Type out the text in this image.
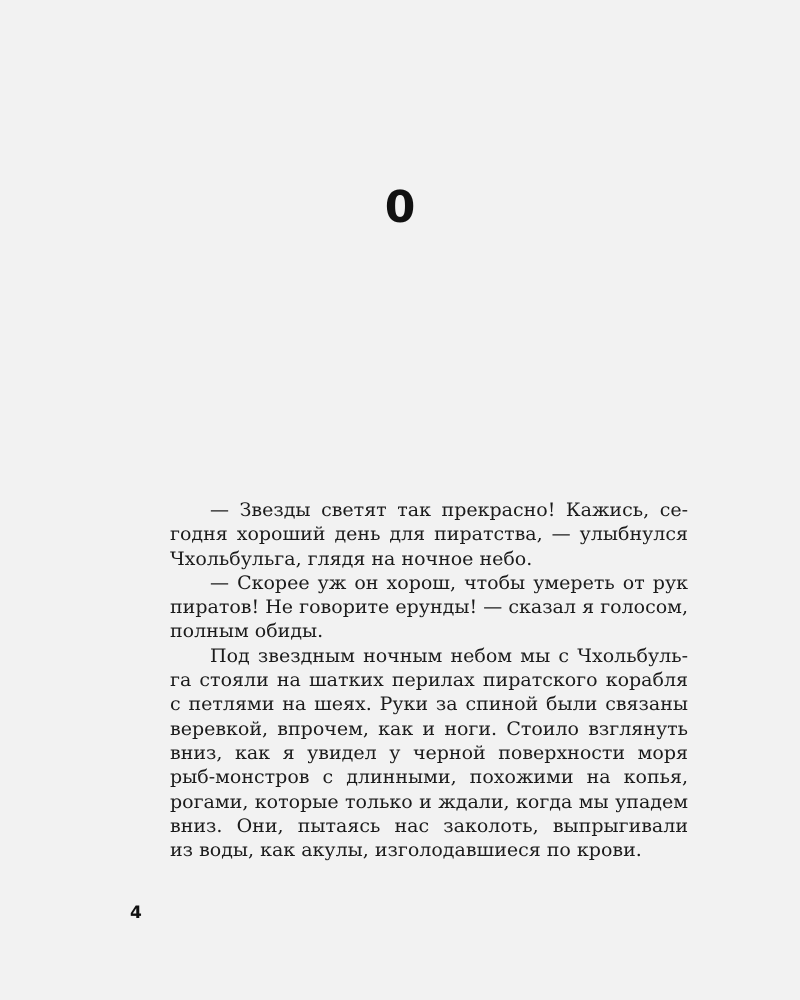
0
— Звезды светят так прекрасно! Кажись, се-
годня хороший день для пиратства, — улыбнулся
Чхольбульга, глядя на ночное небо.
— Скорее уж он хорош, чтобы умереть от рук
пиратов! Не говорите ерунды! — сказал я голосом,
полным обиды.
Под звездным ночным небом мы с Чхольбуль-
га стояли на шатких перилах пиратского корабля
с петлями на шеях. Руки за спиной были связаны
веревкой, впрочем, как и ноги. Стоило взглянуть
вниз, как я увидел у черной поверхности моря
рыб-монстров с длинными, похожими на копья,
рогами, которые только и ждали, когда мы упадем
вниз. Они, пытаясь нас заколоть, выпрыгивали
из воды, как акулы, изголодавшиеся по крови.
4
